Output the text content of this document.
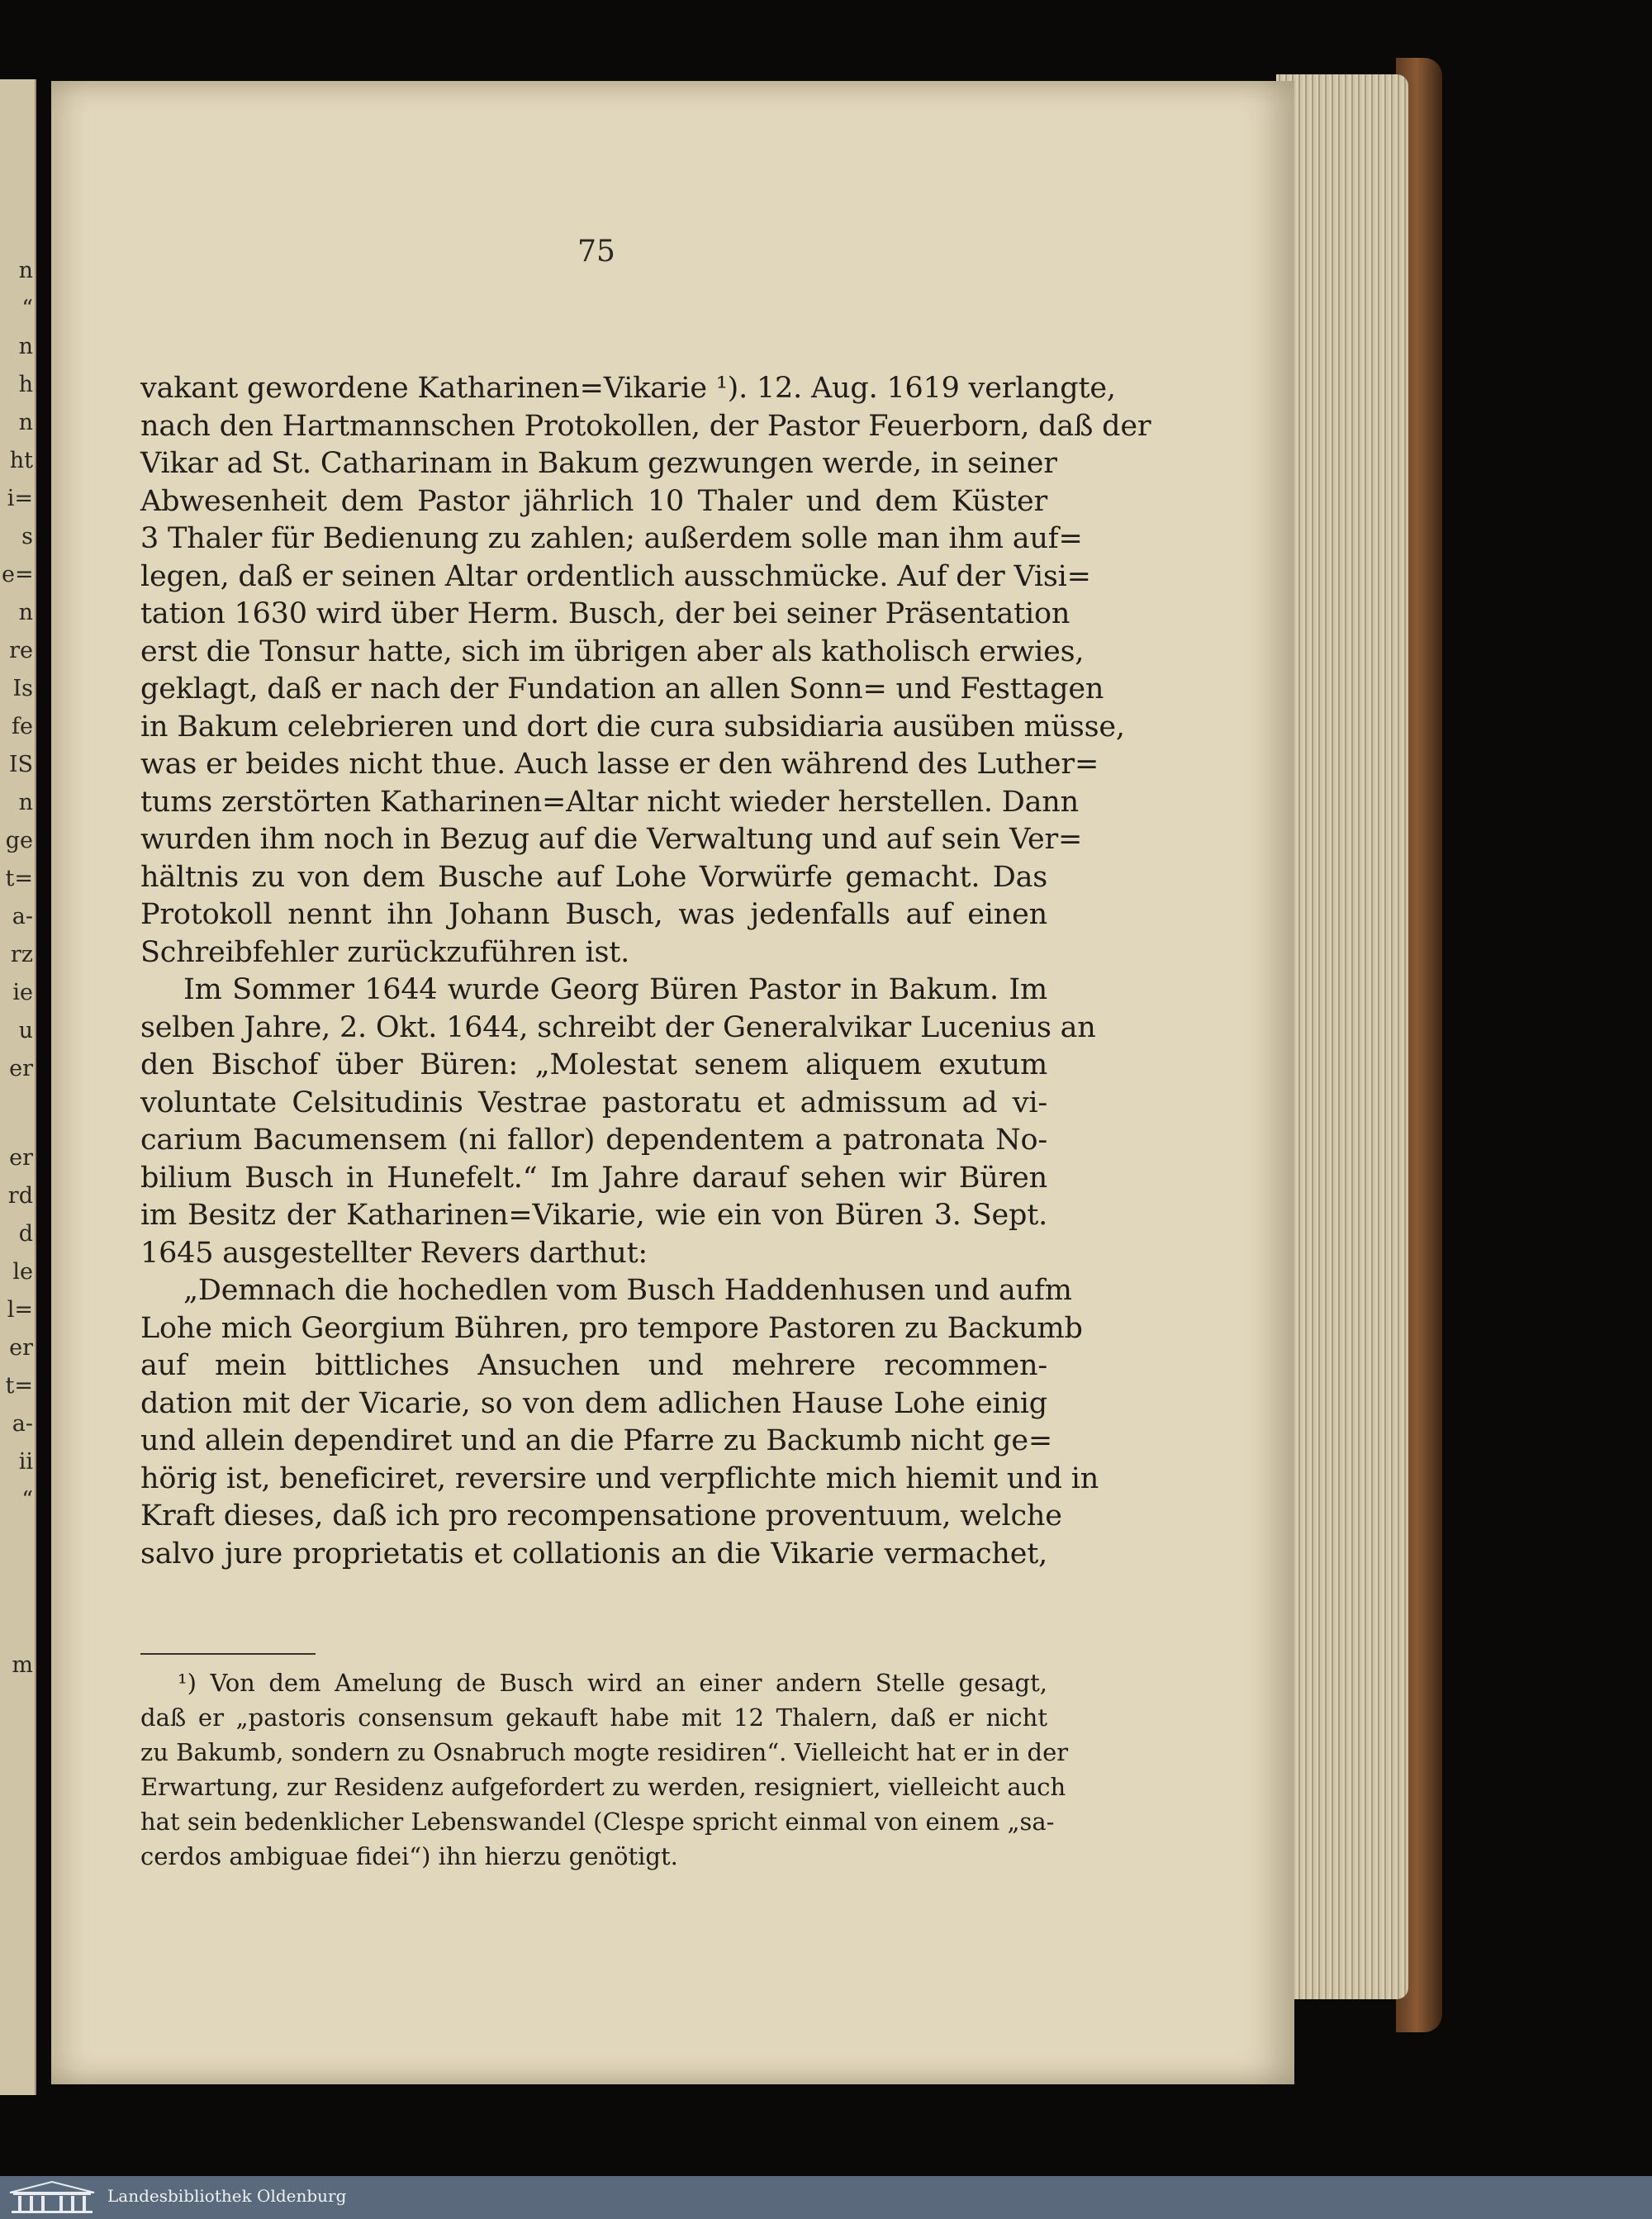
n
“
n
h
n
ht
i=
s
e=
n
re
Is
fe
IS
n
ge
t=
a-
rz
ie
u
er
er
rd
d
le
l=
er
t=
a-
ii
“
m
75
vakant gewordene Katharinen=Vikarie ¹). 12. Aug. 1619 verlangte,
nach den Hartmannschen Protokollen, der Pastor Feuerborn, daß der
Vikar ad St. Catharinam in Bakum gezwungen werde, in seiner
Abwesenheit dem Pastor jährlich 10 Thaler und dem Küster
3 Thaler für Bedienung zu zahlen; außerdem solle man ihm auf=
legen, daß er seinen Altar ordentlich ausschmücke. Auf der Visi=
tation 1630 wird über Herm. Busch, der bei seiner Präsentation
erst die Tonsur hatte, sich im übrigen aber als katholisch erwies,
geklagt, daß er nach der Fundation an allen Sonn= und Festtagen
in Bakum celebrieren und dort die cura subsidiaria ausüben müsse,
was er beides nicht thue. Auch lasse er den während des Luther=
tums zerstörten Katharinen=Altar nicht wieder herstellen. Dann
wurden ihm noch in Bezug auf die Verwaltung und auf sein Ver=
hältnis zu von dem Busche auf Lohe Vorwürfe gemacht. Das
Protokoll nennt ihn Johann Busch, was jedenfalls auf einen
Schreibfehler zurückzuführen ist.
Im Sommer 1644 wurde Georg Büren Pastor in Bakum. Im
selben Jahre, 2. Okt. 1644, schreibt der Generalvikar Lucenius an
den Bischof über Büren: „Molestat senem aliquem exutum
voluntate Celsitudinis Vestrae pastoratu et admissum ad vi-
carium Bacumensem (ni fallor) dependentem a patronata No-
bilium Busch in Hunefelt.“ Im Jahre darauf sehen wir Büren
im Besitz der Katharinen=Vikarie, wie ein von Büren 3. Sept.
1645 ausgestellter Revers darthut:
„Demnach die hochedlen vom Busch Haddenhusen und aufm
Lohe mich Georgium Bühren, pro tempore Pastoren zu Backumb
auf mein bittliches Ansuchen und mehrere recommen-
dation mit der Vicarie, so von dem adlichen Hause Lohe einig
und allein dependiret und an die Pfarre zu Backumb nicht ge=
hörig ist, beneficiret, reversire und verpflichte mich hiemit und in
Kraft dieses, daß ich pro recompensatione proventuum, welche
salvo jure proprietatis et collationis an die Vikarie vermachet,
¹) Von dem Amelung de Busch wird an einer andern Stelle gesagt,
daß er „pastoris consensum gekauft habe mit 12 Thalern, daß er nicht
zu Bakumb, sondern zu Osnabruch mogte residiren“. Vielleicht hat er in der
Erwartung, zur Residenz aufgefordert zu werden, resigniert, vielleicht auch
hat sein bedenklicher Lebenswandel (Clespe spricht einmal von einem „sa-
cerdos ambiguae fidei“) ihn hierzu genötigt.
Landesbibliothek Oldenburg
